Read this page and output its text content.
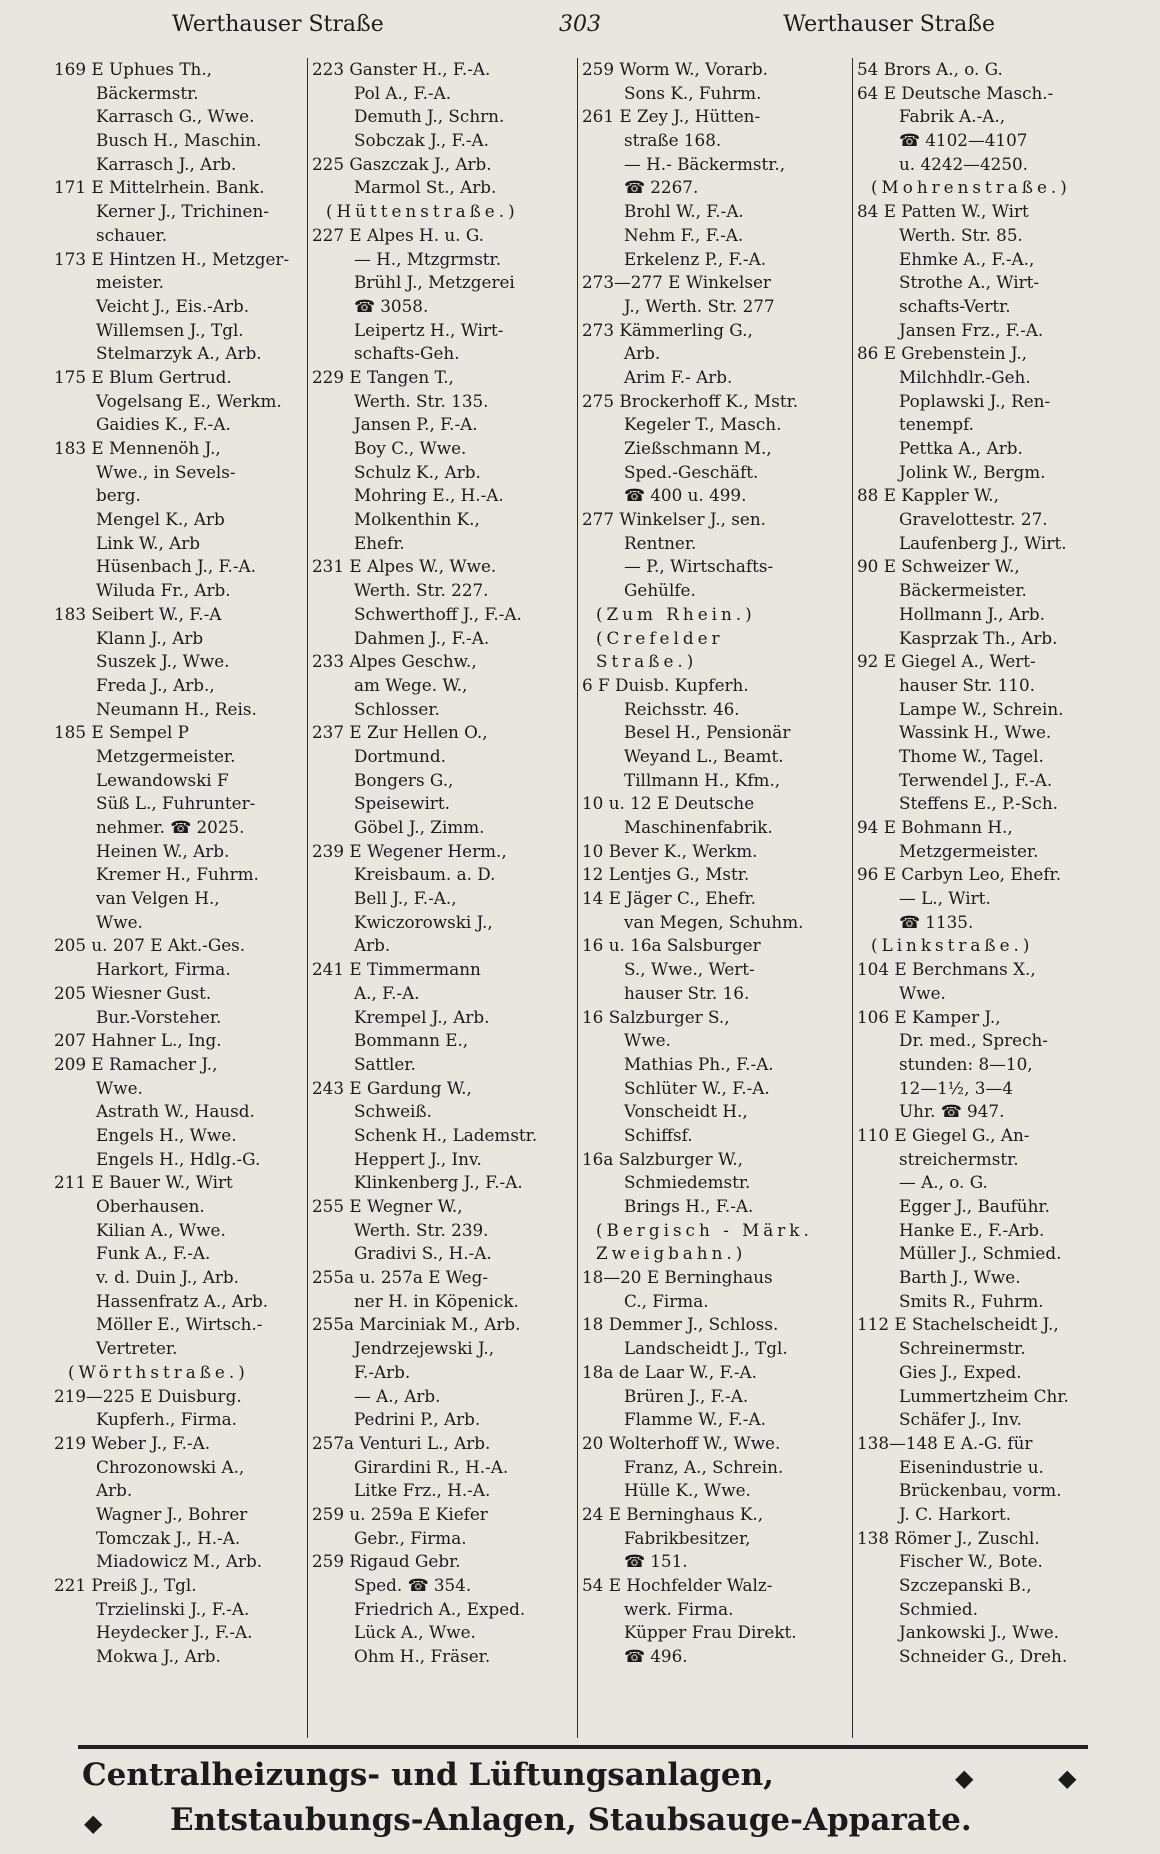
Werthauser Straße	303	Werthauser Straße
169 E Uphues Th.,
Bäckermstr.
Karrasch G., Wwe.
Busch H., Maschin.
Karrasch J., Arb.
171 E Mittelrhein. Bank.
Kerner J., Trichinen-
schauer.
173 E Hintzen H., Metzger-
meister.
Veicht J., Eis.-Arb.
Willemsen J., Tgl.
Stelmarzyk A., Arb.
175 E Blum Gertrud.
Vogelsang E., Werkm.
Gaidies K., F.-A.
183 E Mennenöh J.,
Wwe., in Sevels-
berg.
Mengel K., Arb
Link W., Arb
Hüsenbach J., F.-A.
Wiluda Fr., Arb.
183 Seibert W., F.-A
Klann J., Arb
Suszek J., Wwe.
Freda J., Arb.,
Neumann H., Reis.
185 E Sempel P
Metzgermeister.
Lewandowski F
Süß L., Fuhrunter-
nehmer. ☎ 2025.
Heinen W., Arb.
Kremer H., Fuhrm.
van Velgen H.,
Wwe.
205 u. 207 E Akt.-Ges.
Harkort, Firma.
205 Wiesner Gust.
Bur.-Vorsteher.
207 Hahner L., Ing.
209 E Ramacher J.,
Wwe.
Astrath W., Hausd.
Engels H., Wwe.
Engels H., Hdlg.-G.
211 E Bauer W., Wirt
Oberhausen.
Kilian A., Wwe.
Funk A., F.-A.
v. d. Duin J., Arb.
Hassenfratz A., Arb.
Möller E., Wirtsch.-
Vertreter.
(Wörthstraße.)
219—225 E Duisburg.
Kupferh., Firma.
219 Weber J., F.-A.
Chrozonowski A.,
Arb.
Wagner J., Bohrer
Tomczak J., H.-A.
Miadowicz M., Arb.
221 Preiß J., Tgl.
Trzielinski J., F.-A.
Heydecker J., F.-A.
Mokwa J., Arb.
223 Ganster H., F.-A.
Pol A., F.-A.
Demuth J., Schrn.
Sobczak J., F.-A.
225 Gaszczak J., Arb.
Marmol St., Arb.
(Hüttenstraße.)
227 E Alpes H. u. G.
— H., Mtzgrmstr.
Brühl J., Metzgerei
☎ 3058.
Leipertz H., Wirt-
schafts-Geh.
229 E Tangen T.,
Werth. Str. 135.
Jansen P., F.-A.
Boy C., Wwe.
Schulz K., Arb.
Mohring E., H.-A.
Molkenthin K.,
Ehefr.
231 E Alpes W., Wwe.
Werth. Str. 227.
Schwerthoff J., F.-A.
Dahmen J., F.-A.
233 Alpes Geschw.,
am Wege. W.,
Schlosser.
237 E Zur Hellen O.,
Dortmund.
Bongers G.,
Speisewirt.
Göbel J., Zimm.
239 E Wegener Herm.,
Kreisbaum. a. D.
Bell J., F.-A.,
Kwiczorowski J.,
Arb.
241 E Timmermann
A., F.-A.
Krempel J., Arb.
Bommann E.,
Sattler.
243 E Gardung W.,
Schweiß.
Schenk H., Lademstr.
Heppert J., Inv.
Klinkenberg J., F.-A.
255 E Wegner W.,
Werth. Str. 239.
Gradivi S., H.-A.
255a u. 257a E Weg-
ner H. in Köpenick.
255a Marciniak M., Arb.
Jendrzejewski J.,
F.-Arb.
— A., Arb.
Pedrini P., Arb.
257a Venturi L., Arb.
Girardini R., H.-A.
Litke Frz., H.-A.
259 u. 259a E Kiefer
Gebr., Firma.
259 Rigaud Gebr.
Sped. ☎ 354.
Friedrich A., Exped.
Lück A., Wwe.
Ohm H., Fräser.
259 Worm W., Vorarb.
Sons K., Fuhrm.
261 E Zey J., Hütten-
straße 168.
— H.- Bäckermstr.,
☎ 2267.
Brohl W., F.-A.
Nehm F., F.-A.
Erkelenz P., F.-A.
273—277 E Winkelser
J., Werth. Str. 277
273 Kämmerling G.,
Arb.
Arim F.- Arb.
275 Brockerhoff K., Mstr.
Kegeler T., Masch.
Zießschmann M.,
Sped.-Geschäft.
☎ 400 u. 499.
277 Winkelser J., sen.
Rentner.
— P., Wirtschafts-
Gehülfe.
(Zum Rhein.)
(Crefelder
Straße.)
6 F Duisb. Kupferh.
Reichsstr. 46.
Besel H., Pensionär
Weyand L., Beamt.
Tillmann H., Kfm.,
10 u. 12 E Deutsche
Maschinenfabrik.
10 Bever K., Werkm.
12 Lentjes G., Mstr.
14 E Jäger C., Ehefr.
van Megen, Schuhm.
16 u. 16a Salsburger
S., Wwe., Wert-
hauser Str. 16.
16 Salzburger S.,
Wwe.
Mathias Ph., F.-A.
Schlüter W., F.-A.
Vonscheidt H.,
Schiffsf.
16a Salzburger W.,
Schmiedemstr.
Brings H., F.-A.
(Bergisch - Märk.
Zweigbahn.)
18—20 E Berninghaus
C., Firma.
18 Demmer J., Schloss.
Landscheidt J., Tgl.
18a de Laar W., F.-A.
Brüren J., F.-A.
Flamme W., F.-A.
20 Wolterhoff W., Wwe.
Franz, A., Schrein.
Hülle K., Wwe.
24 E Berninghaus K.,
Fabrikbesitzer,
☎ 151.
54 E Hochfelder Walz-
werk. Firma.
Küpper Frau Direkt.
☎ 496.
54 Brors A., o. G.
64 E Deutsche Masch.-
Fabrik A.-A.,
☎ 4102—4107
u. 4242—4250.
(Mohrenstraße.)
84 E Patten W., Wirt
Werth. Str. 85.
Ehmke A., F.-A.,
Strothe A., Wirt-
schafts-Vertr.
Jansen Frz., F.-A.
86 E Grebenstein J.,
Milchhdlr.-Geh.
Poplawski J., Ren-
tenempf.
Pettka A., Arb.
Jolink W., Bergm.
88 E Kappler W.,
Gravelottestr. 27.
Laufenberg J., Wirt.
90 E Schweizer W.,
Bäckermeister.
Hollmann J., Arb.
Kasprzak Th., Arb.
92 E Giegel A., Wert-
hauser Str. 110.
Lampe W., Schrein.
Wassink H., Wwe.
Thome W., Tagel.
Terwendel J., F.-A.
Steffens E., P.-Sch.
94 E Bohmann H.,
Metzgermeister.
96 E Carbyn Leo, Ehefr.
— L., Wirt.
☎ 1135.
(Linkstraße.)
104 E Berchmans X.,
Wwe.
106 E Kamper J.,
Dr. med., Sprech-
stunden: 8—10,
12—1½, 3—4
Uhr. ☎ 947.
110 E Giegel G., An-
streichermstr.
— A., o. G.
Egger J., Bauführ.
Hanke E., F.-Arb.
Müller J., Schmied.
Barth J., Wwe.
Smits R., Fuhrm.
112 E Stachelscheidt J.,
Schreinermstr.
Gies J., Exped.
Lummertzheim Chr.
Schäfer J., Inv.
138—148 E A.-G. für
Eisenindustrie u.
Brückenbau, vorm.
J. C. Harkort.
138 Römer J., Zuschl.
Fischer W., Bote.
Szczepanski B.,
Schmied.
Jankowski J., Wwe.
Schneider G., Dreh.
Centralheizungs- und Lüftungsanlagen,	◆	◆
◆ Entstaubungs-Anlagen, Staubsauge-Apparate.
